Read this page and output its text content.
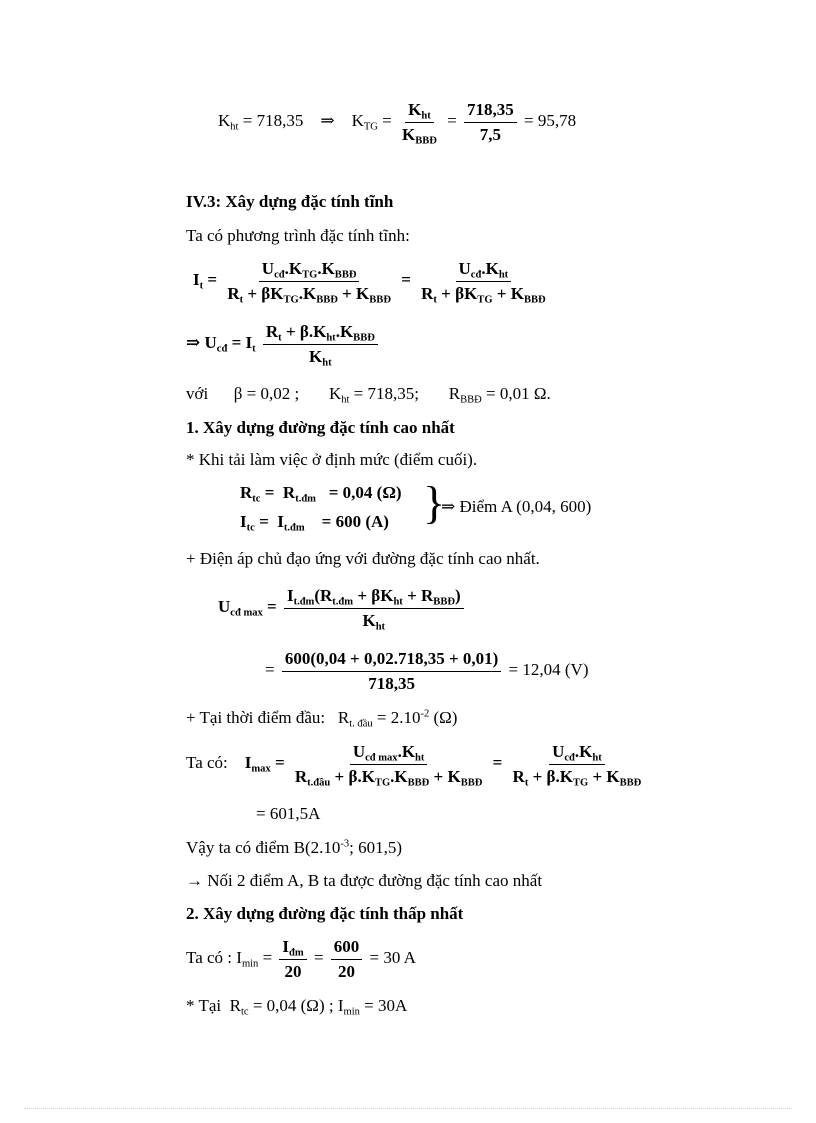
$K_{ht} = 718,35$ ⇒    $K_{TG} = \frac{K_{ht}}{K_{BBĐ}} = \frac{718,35}{7,5} = 95,78$
IV.3: Xây dựng đặc tính tĩnh
Ta có phương trình đặc tính tĩnh:
$I_t = \frac{U_{cđ}.K_{TG}.K_{BBĐ}}{R_t + \beta K_{TG}.K_{BBĐ} + K_{BBĐ}} = \frac{U_{cđ}.K_{ht}}{R_t + \beta K_{TG} + K_{BBĐ}}$
⇒ $U_{cđ} = I_t \frac{R_t + \beta.K_{ht}.K_{BBĐ}}{K_{ht}}$
với β = 0,02 ;       $K_{ht} = 718,35$;       $R_{BBĐ} = 0,01$ Ω.
1. Xây dựng đường đặc tính cao nhất
* Khi tải làm việc ở định mức (điểm cuối).
$R_{tc} = R_{t.đm} = 0,04$ (Ω)
$I_{tc} = I_{t.đm}$    = 600 (A) }
⇒ Điểm A (0,04, 600)
+ Điện áp chủ đạo ứng với đường đặc tính cao nhất.
$U_{cđ max} = \frac{I_{t.đm}(R_{t.đm} + \beta K_{ht} + R_{BBĐ})}{K_{ht}}$
= $\frac{600(0,04 + 0,02.718,35 + 0,01)}{718,35} = 12,04$ (V)
+ Tại thời điểm đầu:   $R_{t. đầu} = 2.10^{-2}$ (Ω)
Ta có: $I_{max} = \frac{U_{cđ max}.K_{ht}}{R_{t.đầu} + \beta.K_{TG}.K_{BBĐ} + K_{BBĐ}} = \frac{U_{cđ}.K_{ht}}{R_t + \beta.K_{TG} + K_{BBĐ}}$
= 601,5A
Vậy ta có điểm $B(2.10^{-3}$; 601,5)
→ Nối 2 điểm A, B ta được đường đặc tính cao nhất
2. Xây dựng đường đặc tính thấp nhất
Ta có : $I_{min} = \frac{I_{đm}}{20} = \frac{600}{20} = 30$ A
* Tại  $R_{tc} = 0,04$ (Ω) ; $I_{min} = 30A$
